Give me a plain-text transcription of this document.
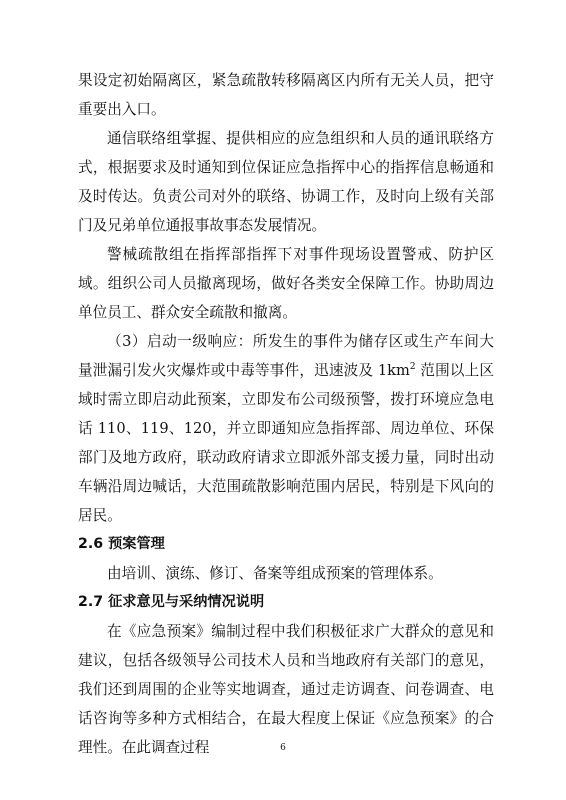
果设定初始隔离区，紧急疏散转移隔离区内所有无关人员，把守重要出入口。

通信联络组掌握、提供相应的应急组织和人员的通讯联络方式，根据要求及时通知到位保证应急指挥中心的指挥信息畅通和及时传达。负责公司对外的联络、协调工作，及时向上级有关部门及兄弟单位通报事故事态发展情况。

警械疏散组在指挥部指挥下对事件现场设置警戒、防护区域。组织公司人员撤离现场，做好各类安全保障工作。协助周边单位员工、群众安全疏散和撤离。

（3）启动一级响应：所发生的事件为储存区或生产车间大量泄漏引发火灾爆炸或中毒等事件，迅速波及 $1km^2$ 范围以上区域时需立即启动此预案，立即发布公司级预警，拨打环境应急电话 110、119、120，并立即通知应急指挥部、周边单位、环保部门及地方政府，联动政府请求立即派外部支援力量，同时出动车辆沿周边喊话，大范围疏散影响范围内居民，特别是下风向的居民。

2.6 预案管理

由培训、演练、修订、备案等组成预案的管理体系。

2.7 征求意见与采纳情况说明

在《应急预案》编制过程中我们积极征求广大群众的意见和建议，包括各级领导公司技术人员和当地政府有关部门的意见，我们还到周围的企业等实地调查，通过走访调查、问卷调查、电话咨询等多种方式相结合，在最大程度上保证《应急预案》的合理性。在此调查过程	6
